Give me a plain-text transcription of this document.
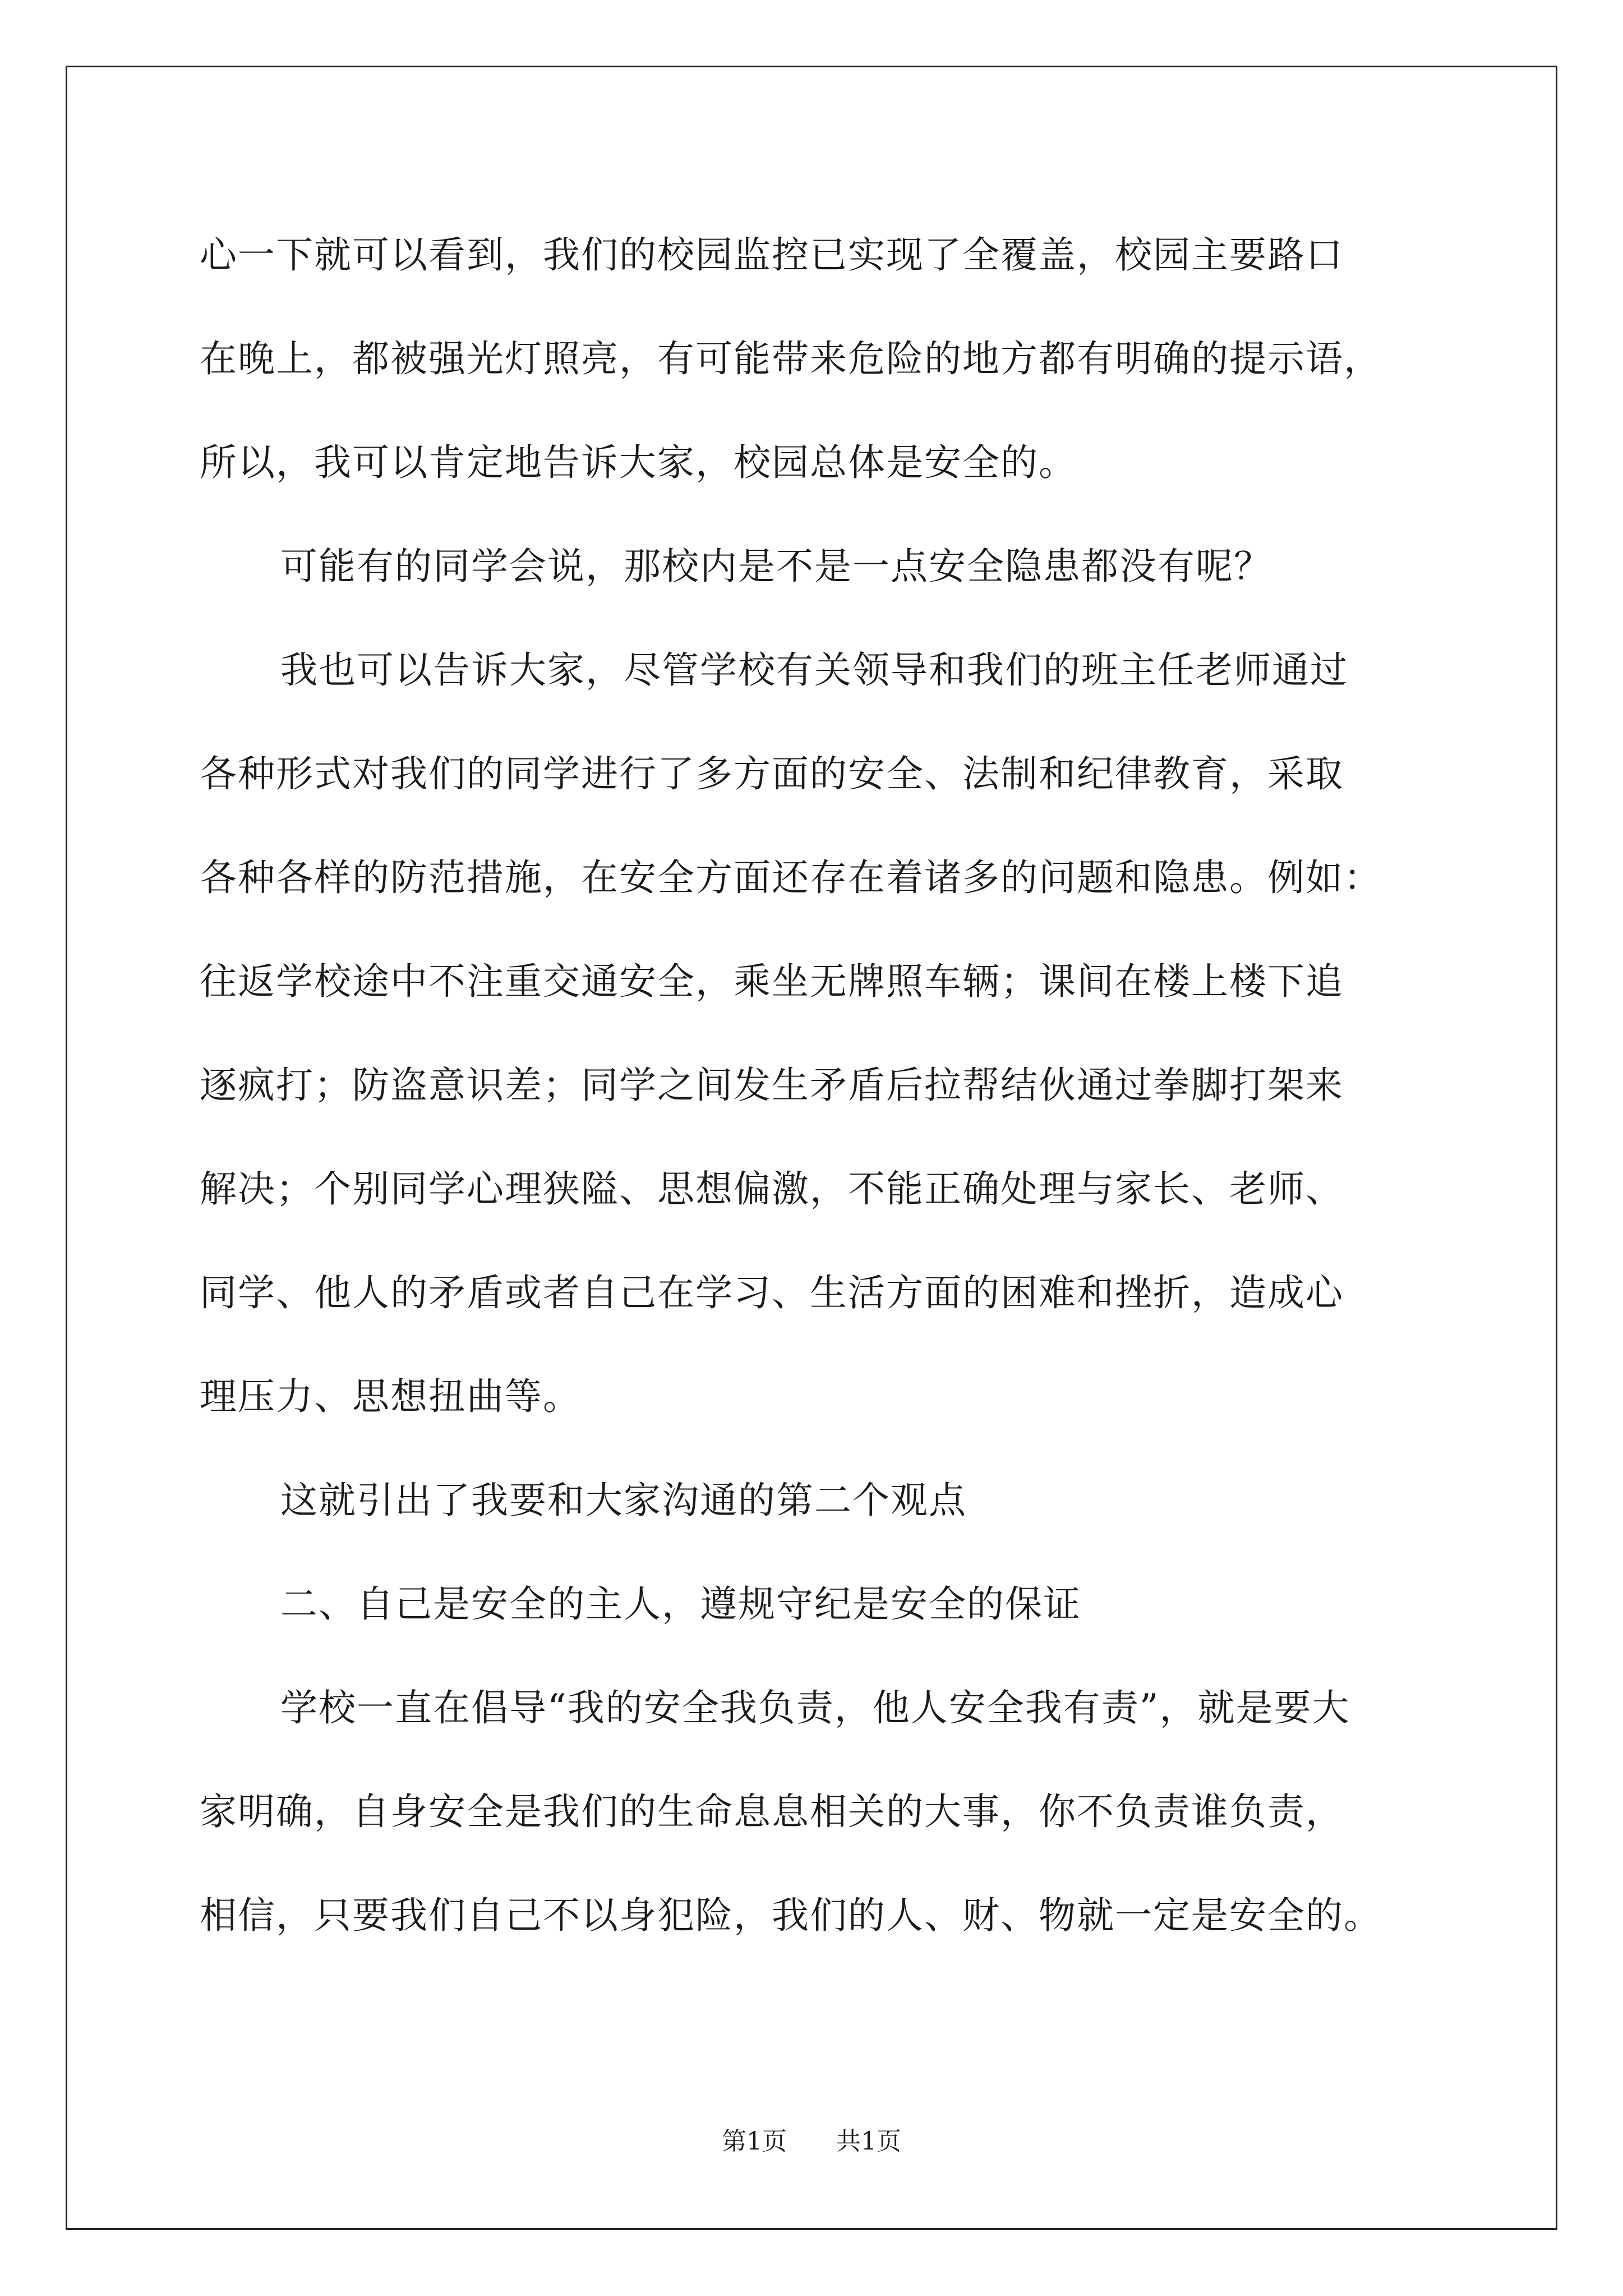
心一下就可以看到，我们的校园监控已实现了全覆盖，校园主要路口
在晚上，都被强光灯照亮，有可能带来危险的地方都有明确的提示语，
所以，我可以肯定地告诉大家，校园总体是安全的。
可能有的同学会说，那校内是不是一点安全隐患都没有呢？
我也可以告诉大家，尽管学校有关领导和我们的班主任老师通过
各种形式对我们的同学进行了多方面的安全、法制和纪律教育，采取
各种各样的防范措施，在安全方面还存在着诸多的问题和隐患。例如：
往返学校途中不注重交通安全，乘坐无牌照车辆；课间在楼上楼下追
逐疯打；防盗意识差；同学之间发生矛盾后拉帮结伙通过拳脚打架来
解决；个别同学心理狭隘、思想偏激，不能正确处理与家长、老师、
同学、他人的矛盾或者自己在学习、生活方面的困难和挫折，造成心
理压力、思想扭曲等。
这就引出了我要和大家沟通的第二个观点
二、自己是安全的主人，遵规守纪是安全的保证
学校一直在倡导“我的安全我负责，他人安全我有责”，就是要大
家明确，自身安全是我们的生命息息相关的大事，你不负责谁负责，
相信，只要我们自己不以身犯险，我们的人、财、物就一定是安全的。
第1页 共1页
